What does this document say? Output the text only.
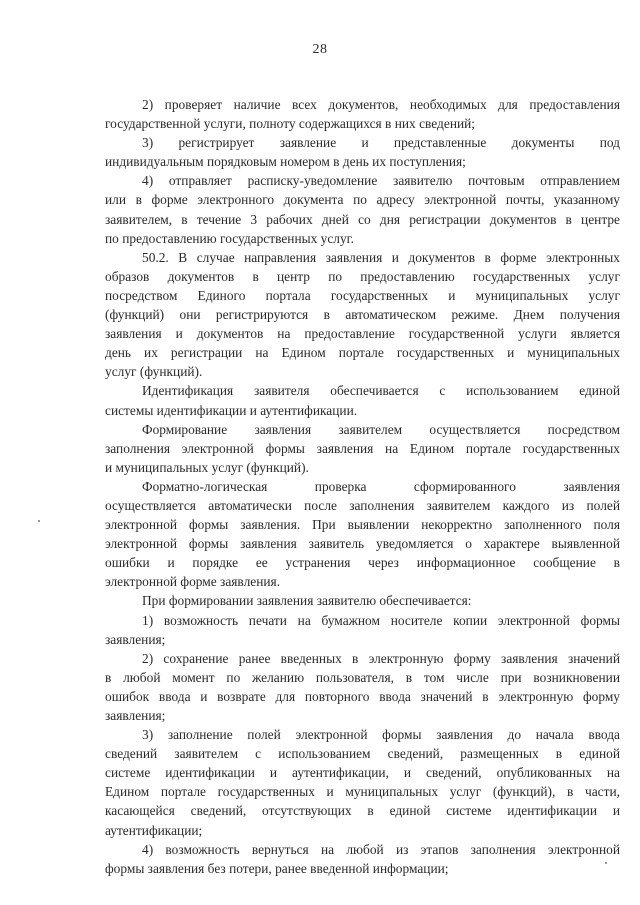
28

2) проверяет наличие всех документов, необходимых для предоставления
государственной услуги, полноту содержащихся в них сведений;

3) регистрирует заявление и представленные документы под
индивидуальным порядковым номером в день их поступления;

4) отправляет расписку-уведомление заявителю почтовым отправлением
или в форме электронного документа по адресу электронной почты, указанному
заявителем, в течение 3 рабочих дней со дня регистрации документов в центре
по предоставлению государственных услуг.

50.2. В случае направления заявления и документов в форме электронных
образов документов в центр по предоставлению государственных услуг
посредством Единого портала государственных и муниципальных услуг
(функций) они регистрируются в автоматическом режиме. Днем получения
заявления и документов на предоставление государственной услуги является
день их регистрации на Едином портале государственных и муниципальных
услуг (функций).

Идентификация заявителя обеспечивается с использованием единой
системы идентификации и аутентификации.

Формирование заявления заявителем осуществляется посредством
заполнения электронной формы заявления на Едином портале государственных
и муниципальных услуг (функций).

Форматно-логическая проверка сформированного заявления
осуществляется автоматически после заполнения заявителем каждого из полей
электронной формы заявления. При выявлении некорректно заполненного поля
электронной формы заявления заявитель уведомляется о характере выявленной
ошибки и порядке ее устранения через информационное сообщение в
электронной форме заявления.

При формировании заявления заявителю обеспечивается:

1) возможность печати на бумажном носителе копии электронной формы
заявления;

2) сохранение ранее введенных в электронную форму заявления значений
в любой момент по желанию пользователя, в том числе при возникновении
ошибок ввода и возврате для повторного ввода значений в электронную форму
заявления;

3) заполнение полей электронной формы заявления до начала ввода
сведений заявителем с использованием сведений, размещенных в единой
системе идентификации и аутентификации, и сведений, опубликованных на
Едином портале государственных и муниципальных услуг (функций), в части,
касающейся сведений, отсутствующих в единой системе идентификации и
аутентификации;

4) возможность вернуться на любой из этапов заполнения электронной
формы заявления без потери, ранее введенной информации;
